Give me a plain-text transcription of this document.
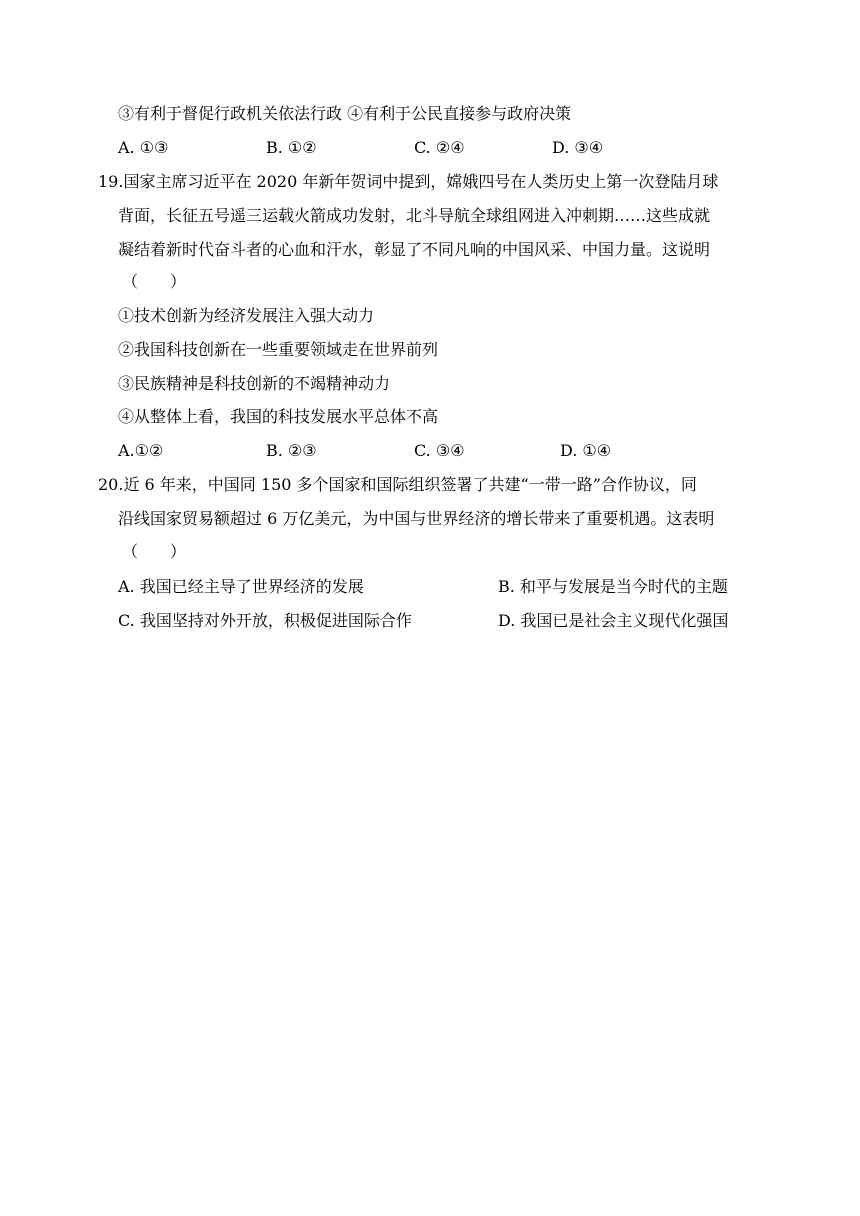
③有利于督促行政机关依法行政 ④有利于公民直接参与政府决策
A. ①③	B. ①②	C. ②④	D. ③④
19.国家主席习近平在 2020 年新年贺词中提到，嫦娥四号在人类历史上第一次登陆月球
背面，长征五号遥三运载火箭成功发射，北斗导航全球组网进入冲刺期……这些成就
凝结着新时代奋斗者的心血和汗水，彰显了不同凡响的中国风采、中国力量。这说明
（　　）
①技术创新为经济发展注入强大动力
②我国科技创新在一些重要领域走在世界前列
③民族精神是科技创新的不竭精神动力
④从整体上看，我国的科技发展水平总体不高
A.①②	B. ②③	C. ③④	D. ①④
20.近 6 年来，中国同 150 多个国家和国际组织签署了共建“一带一路”合作协议，同
沿线国家贸易额超过 6 万亿美元，为中国与世界经济的增长带来了重要机遇。这表明
（　　）
A. 我国已经主导了世界经济的发展	B. 和平与发展是当今时代的主题
C. 我国坚持对外开放，积极促进国际合作	D. 我国已是社会主义现代化强国
